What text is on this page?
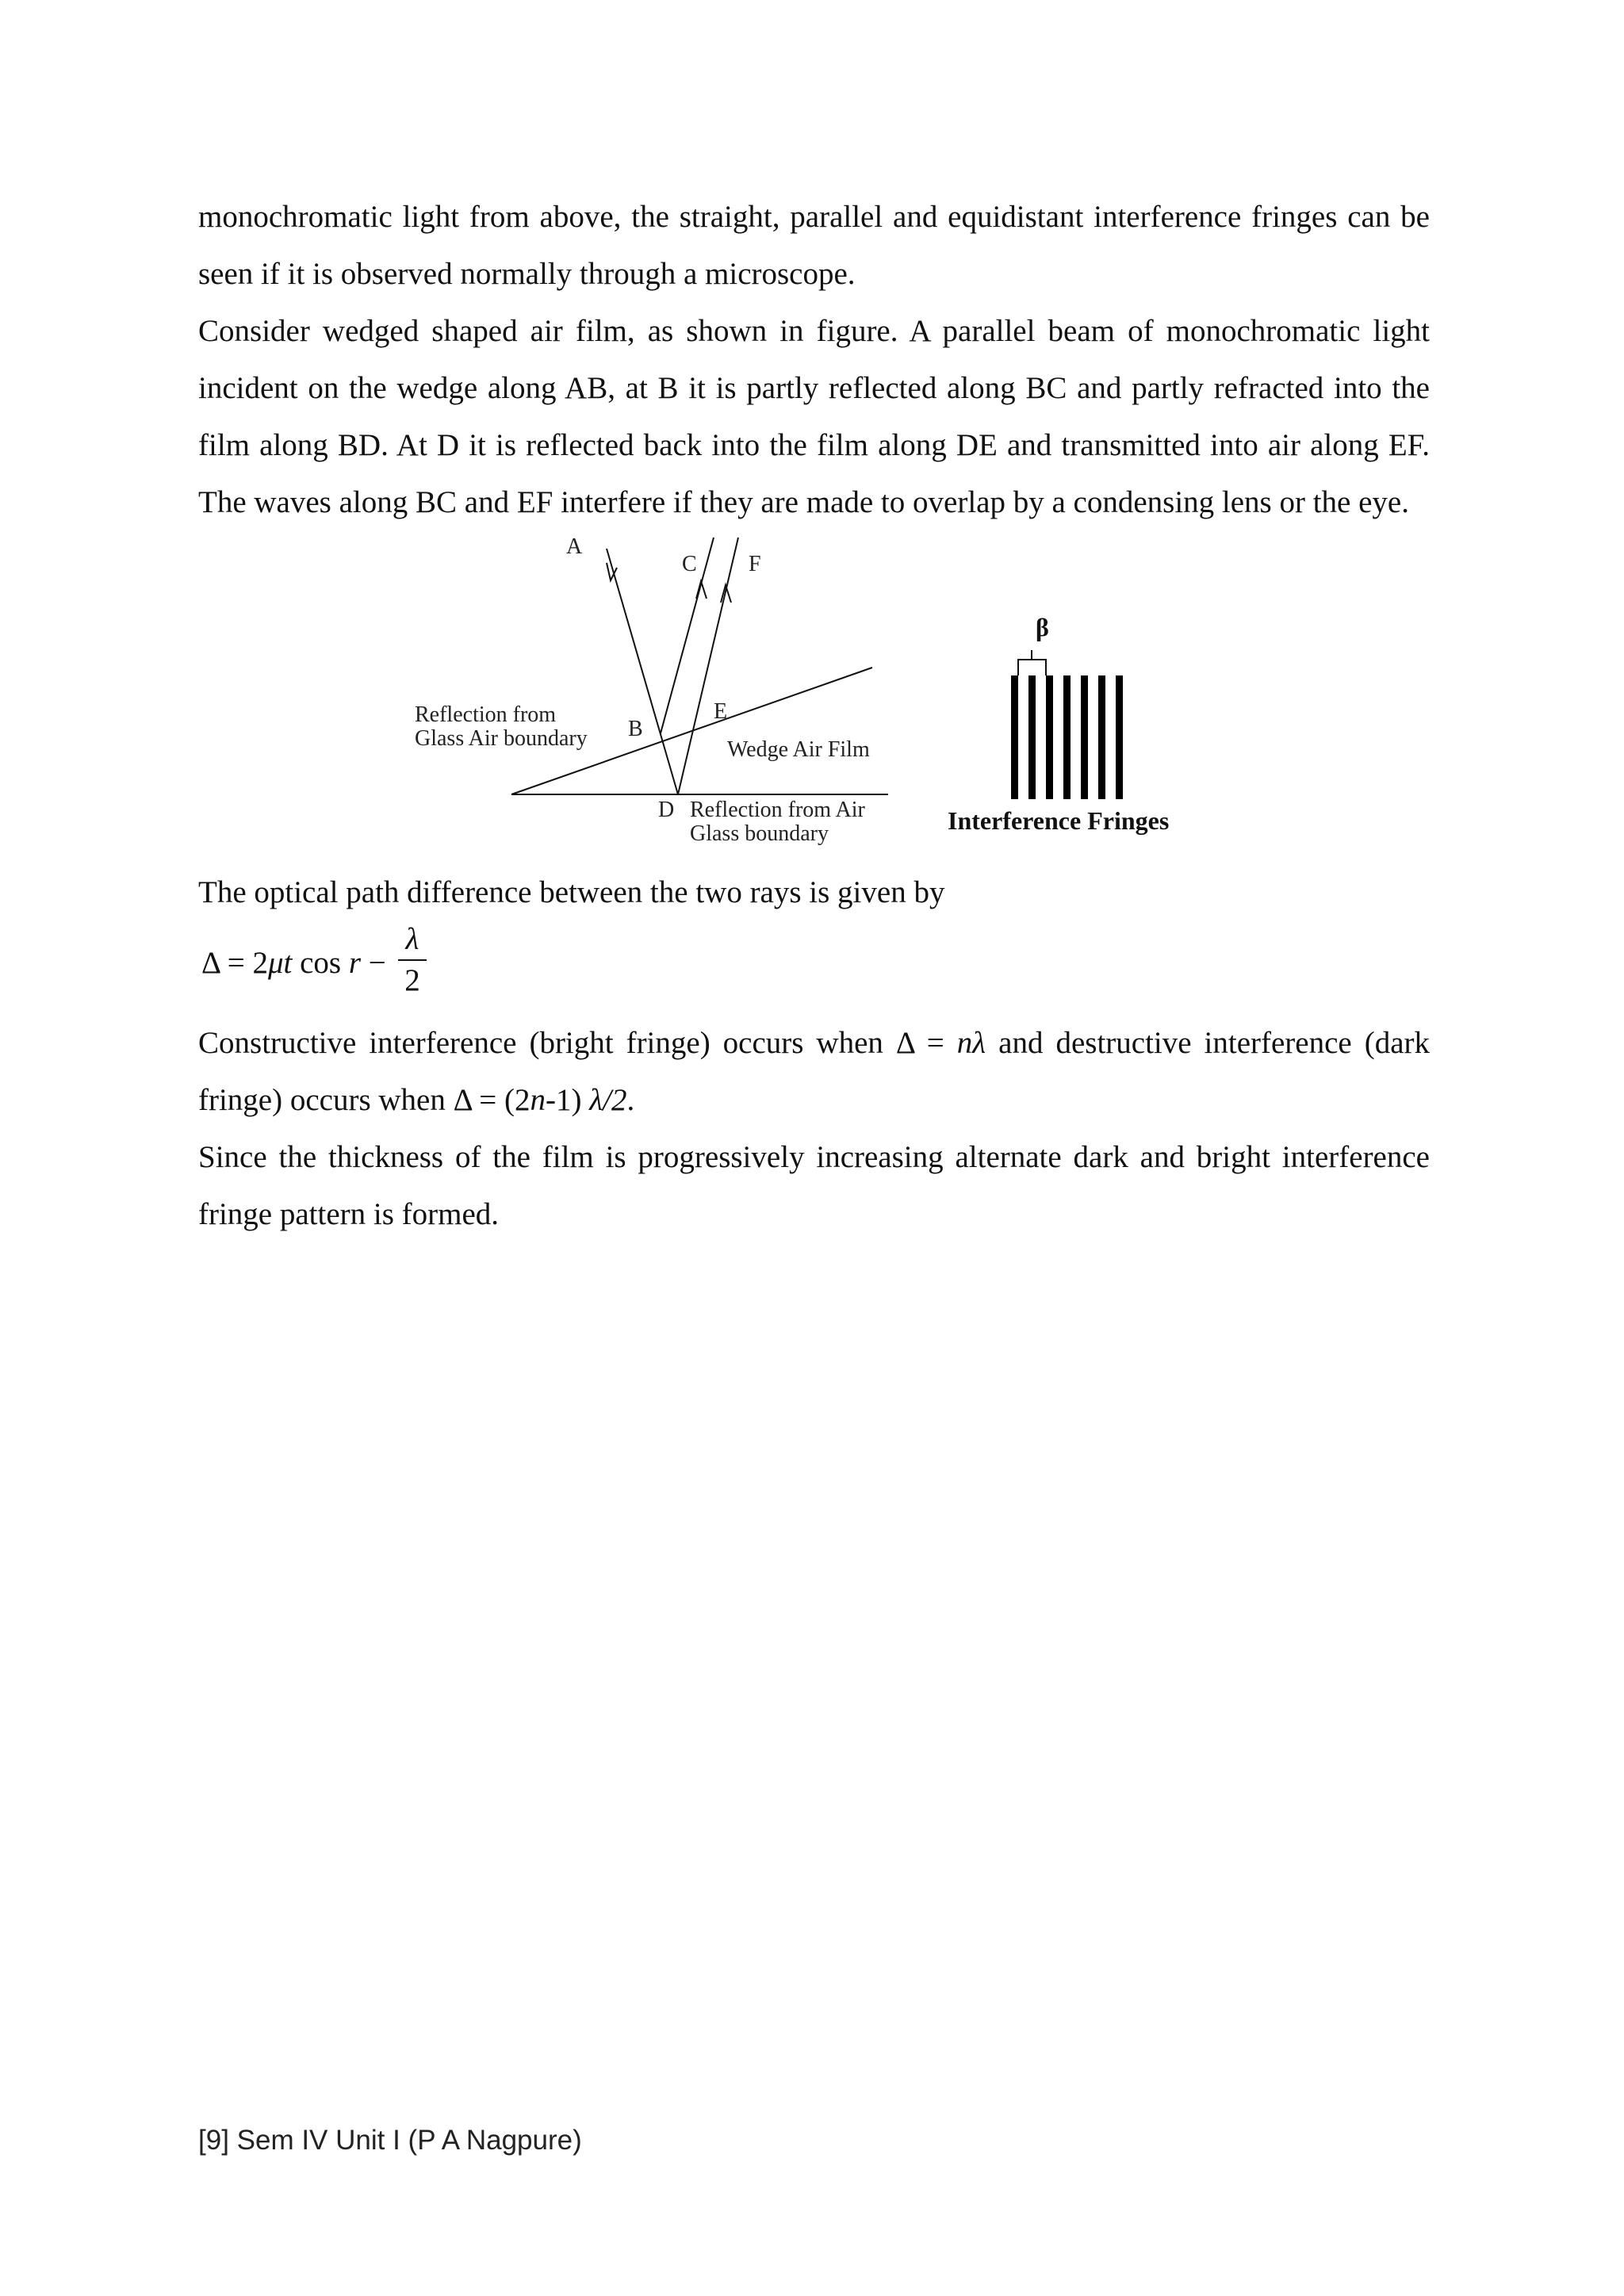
monochromatic light from above, the straight, parallel and equidistant interference fringes can be seen if it is observed normally through a microscope.

Consider wedged shaped air film, as shown in figure. A parallel beam of monochromatic light incident on the wedge along AB, at B it is partly reflected along BC and partly refracted into the film along BD. At D it is reflected back into the film along DE and transmitted into air along EF. The waves along BC and EF interfere if they are made to overlap by a condensing lens or the eye.

A
C F
B
E
D
Reflection from
Glass Air boundary	Wedge Air Film
Reflection from Air
Glass boundary
β
Interference Fringes

The optical path difference between the two rays is given by

Δ = 2μt cos r −
λ
2

Constructive interference (bright fringe) occurs when Δ = nλ and destructive interference (dark fringe) occurs when Δ = (2n-1) λ/2.

Since the thickness of the film is progressively increasing alternate dark and bright interference fringe pattern is formed.

[9] Sem IV Unit I (P A Nagpure)
